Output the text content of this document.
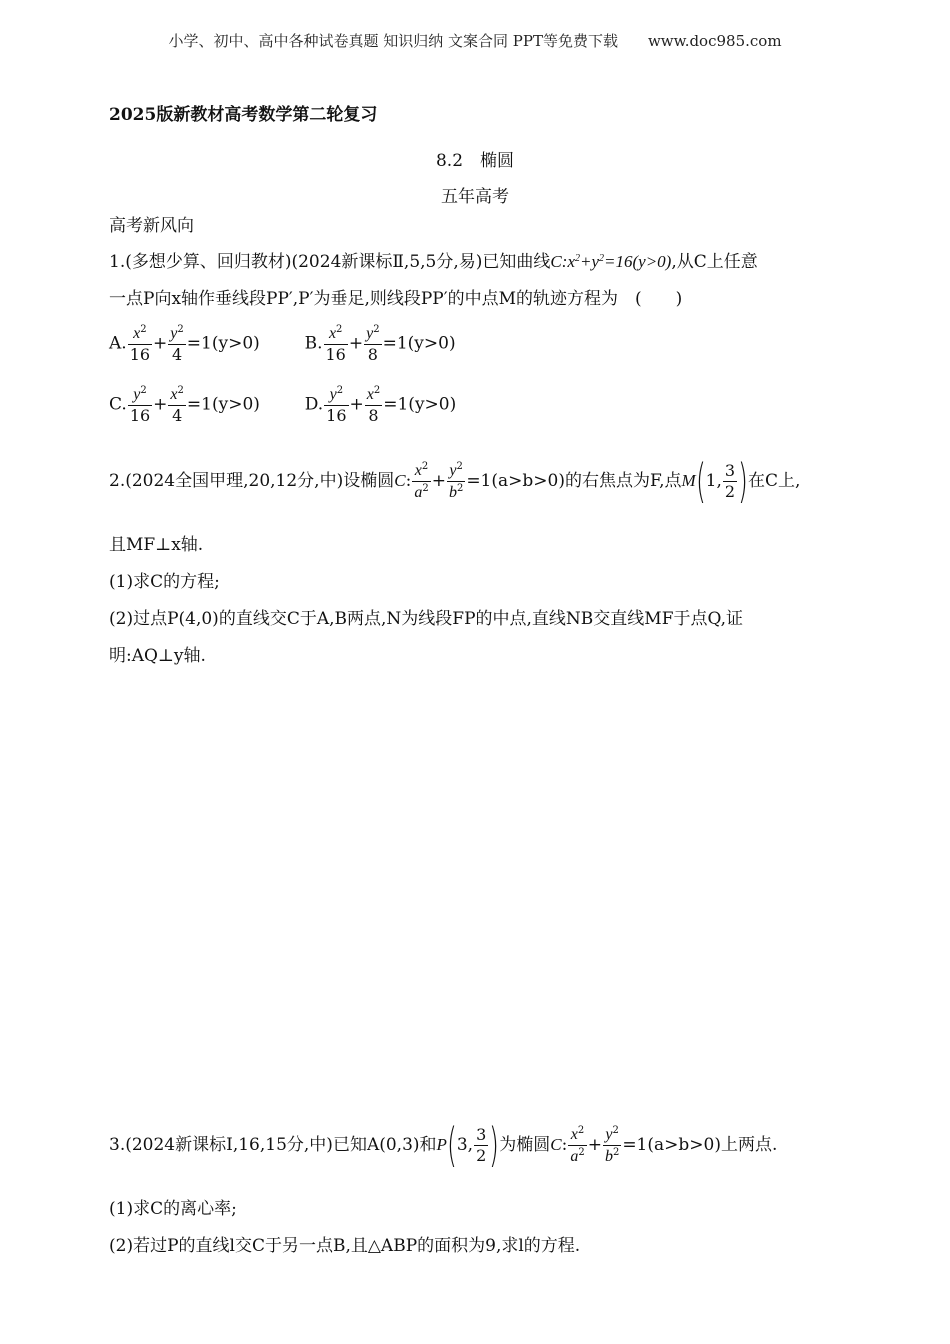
小学、初中、高中各种试卷真题 知识归纳 文案合同 PPT等免费下载　　www.doc985.com
2025版新教材高考数学第二轮复习
8.2　椭圆
五年高考
高考新风向
1.(多想少算、回归教材)(2024新课标Ⅱ,5,5分,易)已知曲线$C:x^2+y^2=16(y>0)$,从C上任意
一点P向x轴作垂线段PP′,P′为垂足,则线段PP′的中点M的轨迹方程为　(　　)
A. $\frac{x^2}{16} + \frac{y^2}{4} =1(y>0)$	B. $\frac{x^2}{16} + \frac{y^2}{8} =1(y>0)$
C. $\frac{y^2}{16} + \frac{x^2}{4} =1(y>0)$	D. $\frac{y^2}{16} + \frac{x^2}{8} =1(y>0)$
2.(2024全国甲理,20,12分,中)设椭圆C: $\frac{x^2}{a^2} + \frac{y^2}{b^2} =1(a>b>0)$的右焦点为F,点M(1, $\frac{3}{2}$ )在C上,
且MF⊥x轴.
(1)求C的方程;
(2)过点P(4,0)的直线交C于A,B两点,N为线段FP的中点,直线NB交直线MF于点Q,证
明:AQ⊥y轴.
3.(2024新课标Ⅰ,16,15分,中)已知A(0,3)和P(3, $\frac{3}{2}$ )为椭圆C: $\frac{x^2}{a^2} + \frac{y^2}{b^2} =1(a>b>0)$上两点.
(1)求C的离心率;
(2)若过P的直线l交C于另一点B,且△ABP的面积为9,求l的方程.
